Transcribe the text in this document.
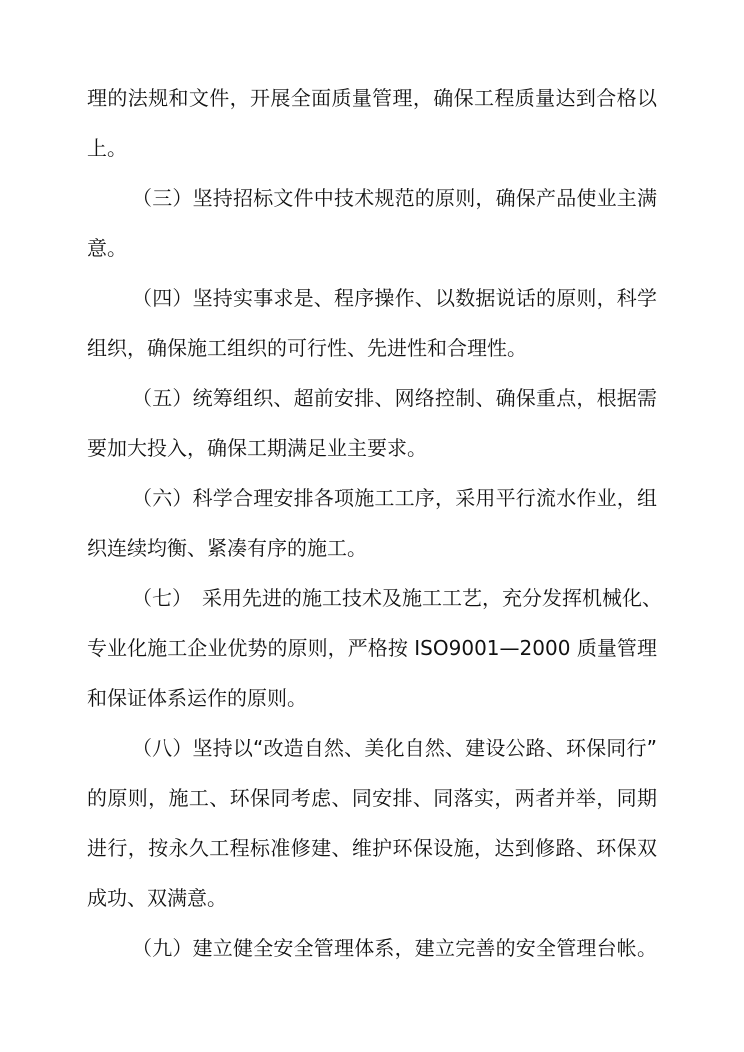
理的法规和文件，开展全面质量管理，确保工程质量达到合格以
上。
（三）坚持招标文件中技术规范的原则，确保产品使业主满
意。
（四）坚持实事求是、程序操作、以数据说话的原则，科学
组织，确保施工组织的可行性、先进性和合理性。
（五）统筹组织、超前安排、网络控制、确保重点，根据需
要加大投入，确保工期满足业主要求。
（六）科学合理安排各项施工工序，采用平行流水作业，组
织连续均衡、紧凑有序的施工。
（七）　采用先进的施工技术及施工工艺，充分发挥机械化、
专业化施工企业优势的原则，严格按 ISO9001—2000 质量管理
和保证体系运作的原则。
（八）坚持以“改造自然、美化自然、建设公路、环保同行”
的原则，施工、环保同考虑、同安排、同落实，两者并举，同期
进行，按永久工程标准修建、维护环保设施，达到修路、环保双
成功、双满意。
（九）建立健全安全管理体系，建立完善的安全管理台帐。
